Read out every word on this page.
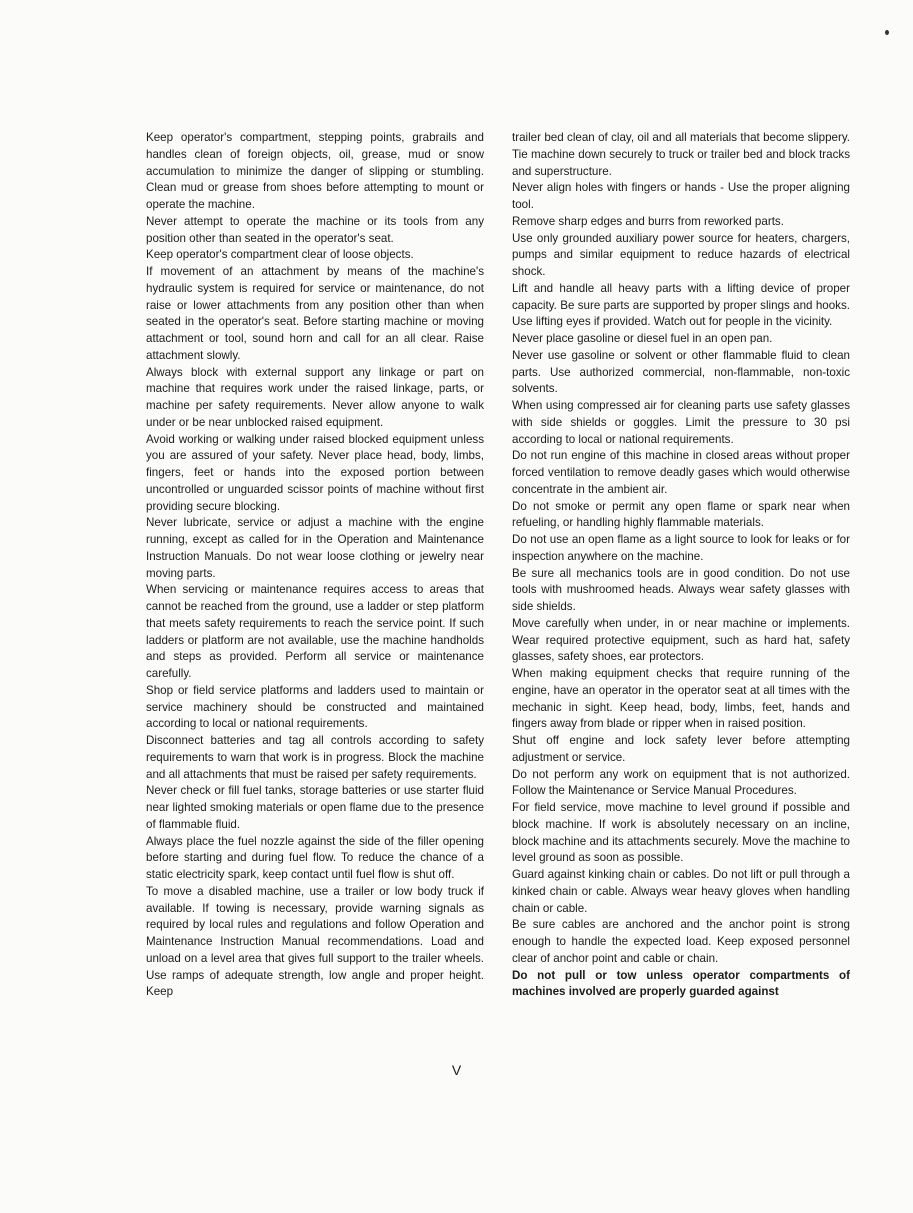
Keep operator's compartment, stepping points, grabrails and handles clean of foreign objects, oil, grease, mud or snow accumulation to minimize the danger of slipping or stumbling. Clean mud or grease from shoes before attempting to mount or operate the machine.

Never attempt to operate the machine or its tools from any position other than seated in the operator's seat.

Keep operator's compartment clear of loose objects.

If movement of an attachment by means of the machine's hydraulic system is required for service or maintenance, do not raise or lower attachments from any position other than when seated in the operator's seat. Before starting machine or moving attachment or tool, sound horn and call for an all clear. Raise attachment slowly.

Always block with external support any linkage or part on machine that requires work under the raised linkage, parts, or machine per safety requirements. Never allow anyone to walk under or be near unblocked raised equipment.

Avoid working or walking under raised blocked equipment unless you are assured of your safety. Never place head, body, limbs, fingers, feet or hands into the exposed portion between uncontrolled or unguarded scissor points of machine without first providing secure blocking.

Never lubricate, service or adjust a machine with the engine running, except as called for in the Operation and Maintenance Instruction Manuals. Do not wear loose clothing or jewelry near moving parts.

When servicing or maintenance requires access to areas that cannot be reached from the ground, use a ladder or step platform that meets safety requirements to reach the service point. If such ladders or platform are not available, use the machine handholds and steps as provided. Perform all service or maintenance carefully.

Shop or field service platforms and ladders used to maintain or service machinery should be constructed and maintained according to local or national requirements.

Disconnect batteries and tag all controls according to safety requirements to warn that work is in progress. Block the machine and all attachments that must be raised per safety requirements.

Never check or fill fuel tanks, storage batteries or use starter fluid near lighted smoking materials or open flame due to the presence of flammable fluid.

Always place the fuel nozzle against the side of the filler opening before starting and during fuel flow. To reduce the chance of a static electricity spark, keep contact until fuel flow is shut off.

To move a disabled machine, use a trailer or low body truck if available. If towing is necessary, provide warning signals as required by local rules and regulations and follow Operation and Maintenance Instruction Manual recommendations. Load and unload on a level area that gives full support to the trailer wheels. Use ramps of adequate strength, low angle and proper height. Keep

trailer bed clean of clay, oil and all materials that become slippery. Tie machine down securely to truck or trailer bed and block tracks and superstructure.

Never align holes with fingers or hands - Use the proper aligning tool.

Remove sharp edges and burrs from reworked parts.

Use only grounded auxiliary power source for heaters, chargers, pumps and similar equipment to reduce hazards of electrical shock.

Lift and handle all heavy parts with a lifting device of proper capacity. Be sure parts are supported by proper slings and hooks. Use lifting eyes if provided. Watch out for people in the vicinity.

Never place gasoline or diesel fuel in an open pan.

Never use gasoline or solvent or other flammable fluid to clean parts. Use authorized commercial, non-flammable, non-toxic solvents.

When using compressed air for cleaning parts use safety glasses with side shields or goggles. Limit the pressure to 30 psi according to local or national requirements.

Do not run engine of this machine in closed areas without proper forced ventilation to remove deadly gases which would otherwise concentrate in the ambient air.

Do not smoke or permit any open flame or spark near when refueling, or handling highly flammable materials.

Do not use an open flame as a light source to look for leaks or for inspection anywhere on the machine.

Be sure all mechanics tools are in good condition. Do not use tools with mushroomed heads. Always wear safety glasses with side shields.

Move carefully when under, in or near machine or implements. Wear required protective equipment, such as hard hat, safety glasses, safety shoes, ear protectors.

When making equipment checks that require running of the engine, have an operator in the operator seat at all times with the mechanic in sight. Keep head, body, limbs, feet, hands and fingers away from blade or ripper when in raised position.

Shut off engine and lock safety lever before attempting adjustment or service.

Do not perform any work on equipment that is not authorized. Follow the Maintenance or Service Manual Procedures.

For field service, move machine to level ground if possible and block machine. If work is absolutely necessary on an incline, block machine and its attachments securely. Move the machine to level ground as soon as possible.

Guard against kinking chain or cables. Do not lift or pull through a kinked chain or cable. Always wear heavy gloves when handling chain or cable.

Be sure cables are anchored and the anchor point is strong enough to handle the expected load. Keep exposed personnel clear of anchor point and cable or chain.

Do not pull or tow unless operator compartments of machines involved are properly guarded against

V
